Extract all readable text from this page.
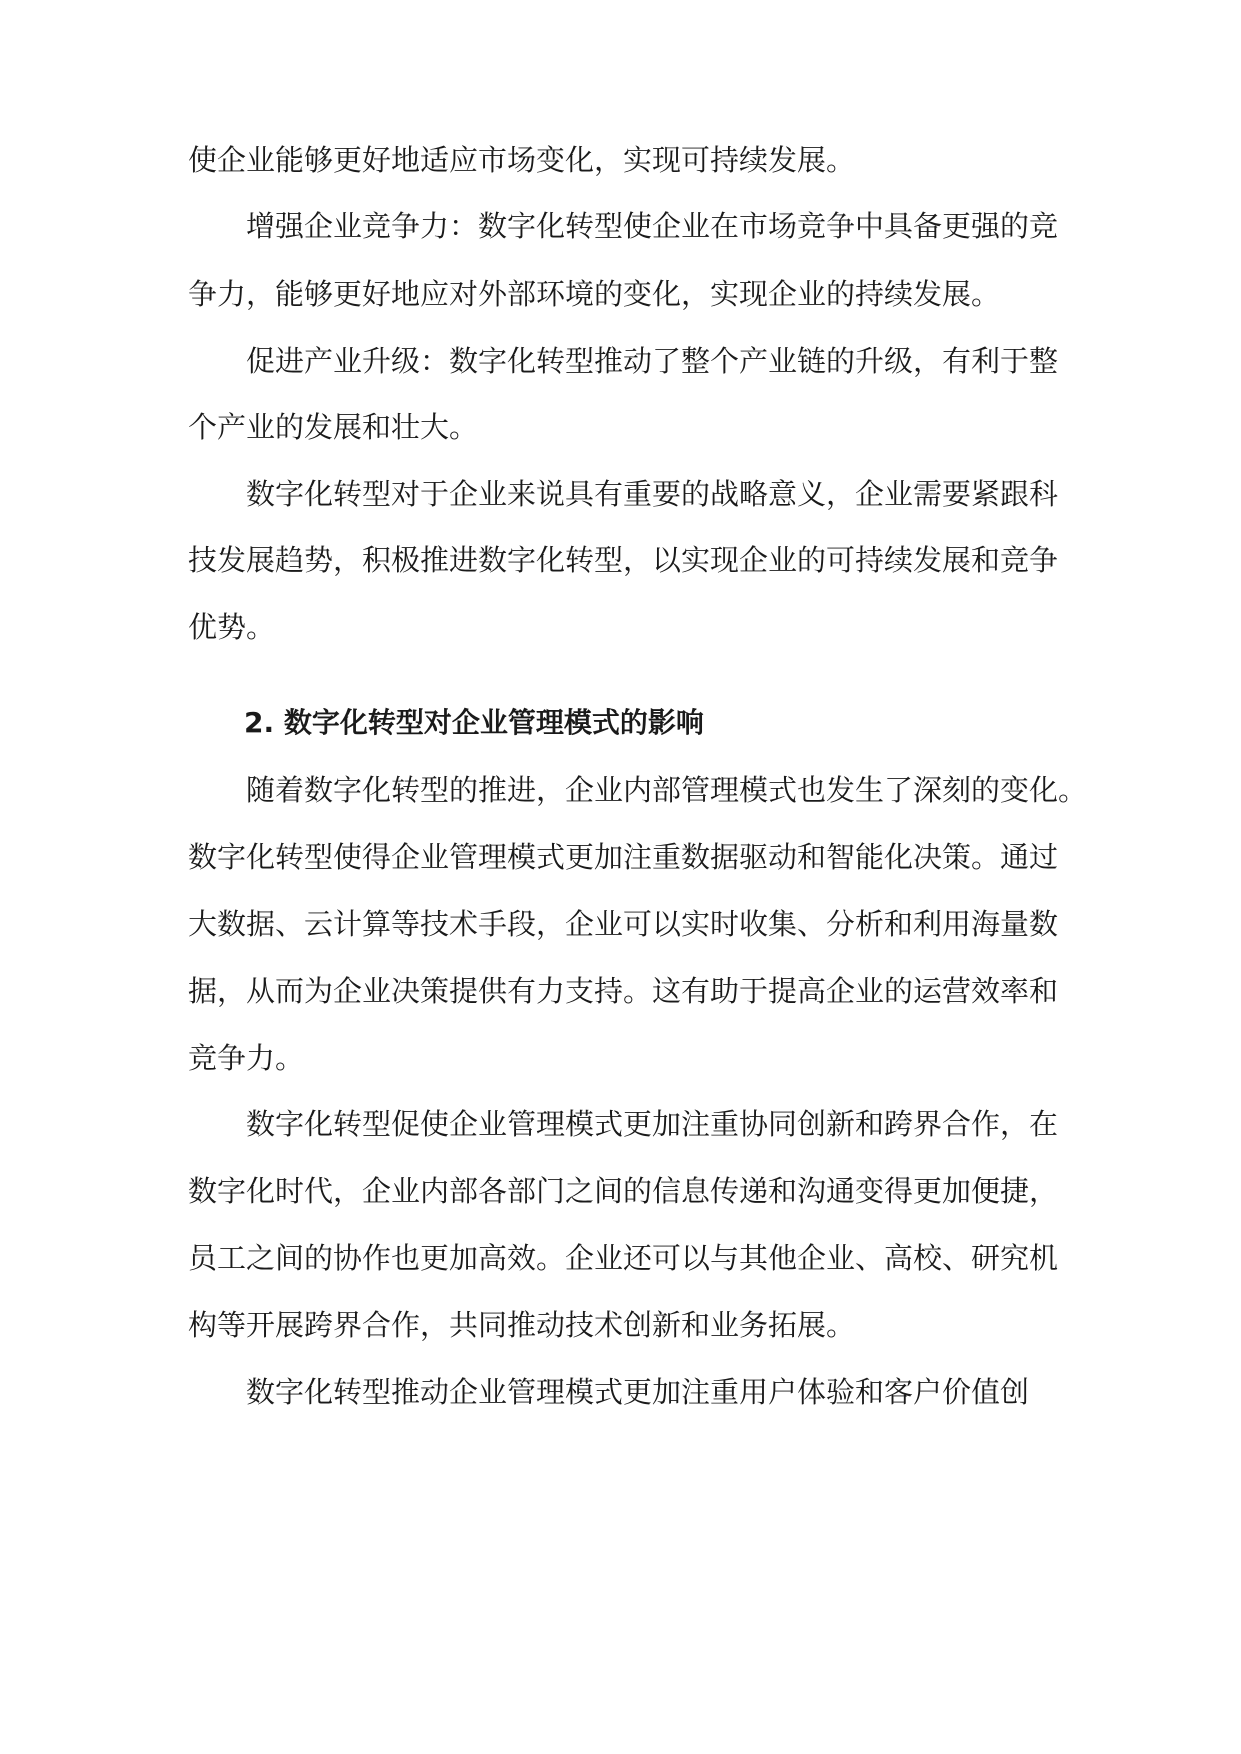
使企业能够更好地适应市场变化，实现可持续发展。
增强企业竞争力：数字化转型使企业在市场竞争中具备更强的竞
争力，能够更好地应对外部环境的变化，实现企业的持续发展。
促进产业升级：数字化转型推动了整个产业链的升级，有利于整
个产业的发展和壮大。
数字化转型对于企业来说具有重要的战略意义，企业需要紧跟科
技发展趋势，积极推进数字化转型，以实现企业的可持续发展和竞争
优势。
2. 数字化转型对企业管理模式的影响
随着数字化转型的推进，企业内部管理模式也发生了深刻的变化。
数字化转型使得企业管理模式更加注重数据驱动和智能化决策。通过
大数据、云计算等技术手段，企业可以实时收集、分析和利用海量数
据，从而为企业决策提供有力支持。这有助于提高企业的运营效率和
竞争力。
数字化转型促使企业管理模式更加注重协同创新和跨界合作，在
数字化时代，企业内部各部门之间的信息传递和沟通变得更加便捷，
员工之间的协作也更加高效。企业还可以与其他企业、高校、研究机
构等开展跨界合作，共同推动技术创新和业务拓展。
数字化转型推动企业管理模式更加注重用户体验和客户价值创
